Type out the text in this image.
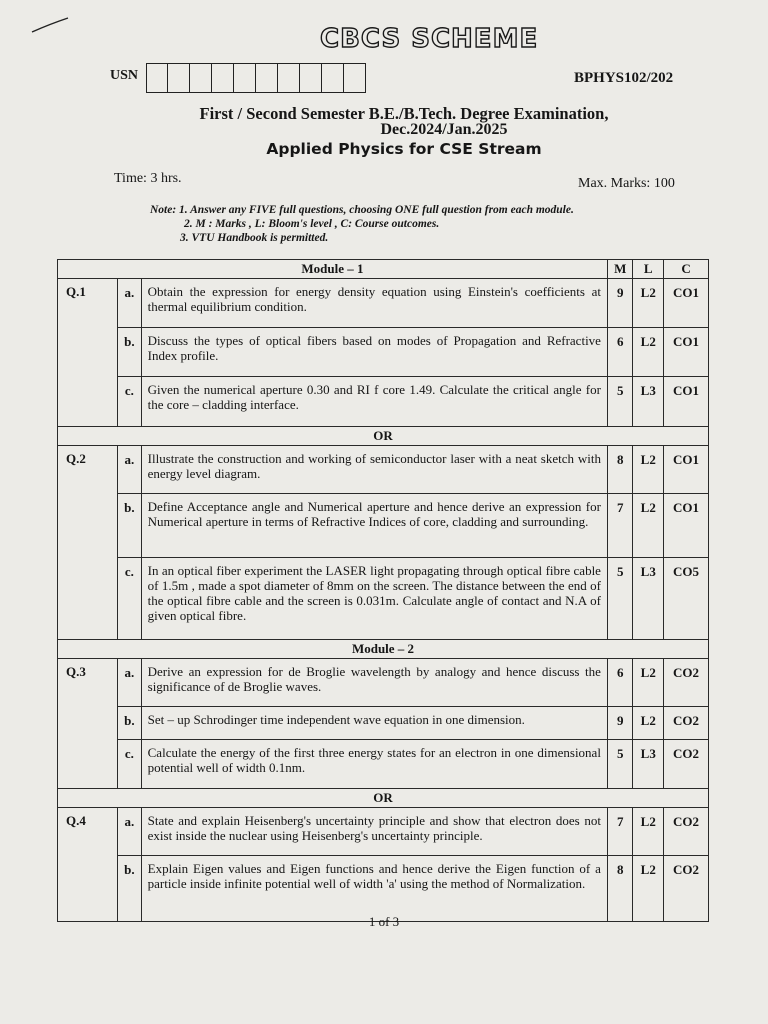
CBCS SCHEME
USN	BPHYS102/202
First / Second Semester B.E./B.Tech. Degree Examination,
Dec.2024/Jan.2025
Applied Physics for CSE Stream
Time: 3 hrs.	Max. Marks: 100
Note: 1. Answer any FIVE full questions, choosing ONE full question from each module.
2. M : Marks , L: Bloom's level , C: Course outcomes.
3. VTU Handbook is permitted.
Module – 1			M	L	C
Q.1	a.	Obtain the expression for energy density equation using Einstein's coefficients at thermal equilibrium condition.	9	L2	CO1
	b.	Discuss the types of optical fibers based on modes of Propagation and Refractive Index profile.	6	L2	CO1
	c.	Given the numerical aperture 0.30 and RI f core 1.49. Calculate the critical angle for the core – cladding interface.	5	L3	CO1
OR					
Q.2	a.	Illustrate the construction and working of semiconductor laser with a neat sketch with energy level diagram.	8	L2	CO1
	b.	Define Acceptance angle and Numerical aperture and hence derive an expression for Numerical aperture in terms of Refractive Indices of core, cladding and surrounding.	7	L2	CO1
	c.	In an optical fiber experiment the LASER light propagating through optical fibre cable of 1.5m , made a spot diameter of 8mm on the screen. The distance between the end of the optical fibre cable and the screen is 0.031m. Calculate angle of contact and N.A of given optical fibre.	5	L3	CO5
Module – 2					
Q.3	a.	Derive an expression for de Broglie wavelength by analogy and hence discuss the significance of de Broglie waves.	6	L2	CO2
	b.	Set – up Schrodinger time independent wave equation in one dimension.	9	L2	CO2
	c.	Calculate the energy of the first three energy states for an electron in one dimensional potential well of width 0.1nm.	5	L3	CO2
OR					
Q.4	a.	State and explain Heisenberg's uncertainty principle and show that electron does not exist inside the nuclear using Heisenberg's uncertainty principle.	7	L2	CO2
	b.	Explain Eigen values and Eigen functions and hence derive the Eigen function of a particle inside infinite potential well of width 'a' using the method of Normalization.	8	L2	CO2
1 of 3
